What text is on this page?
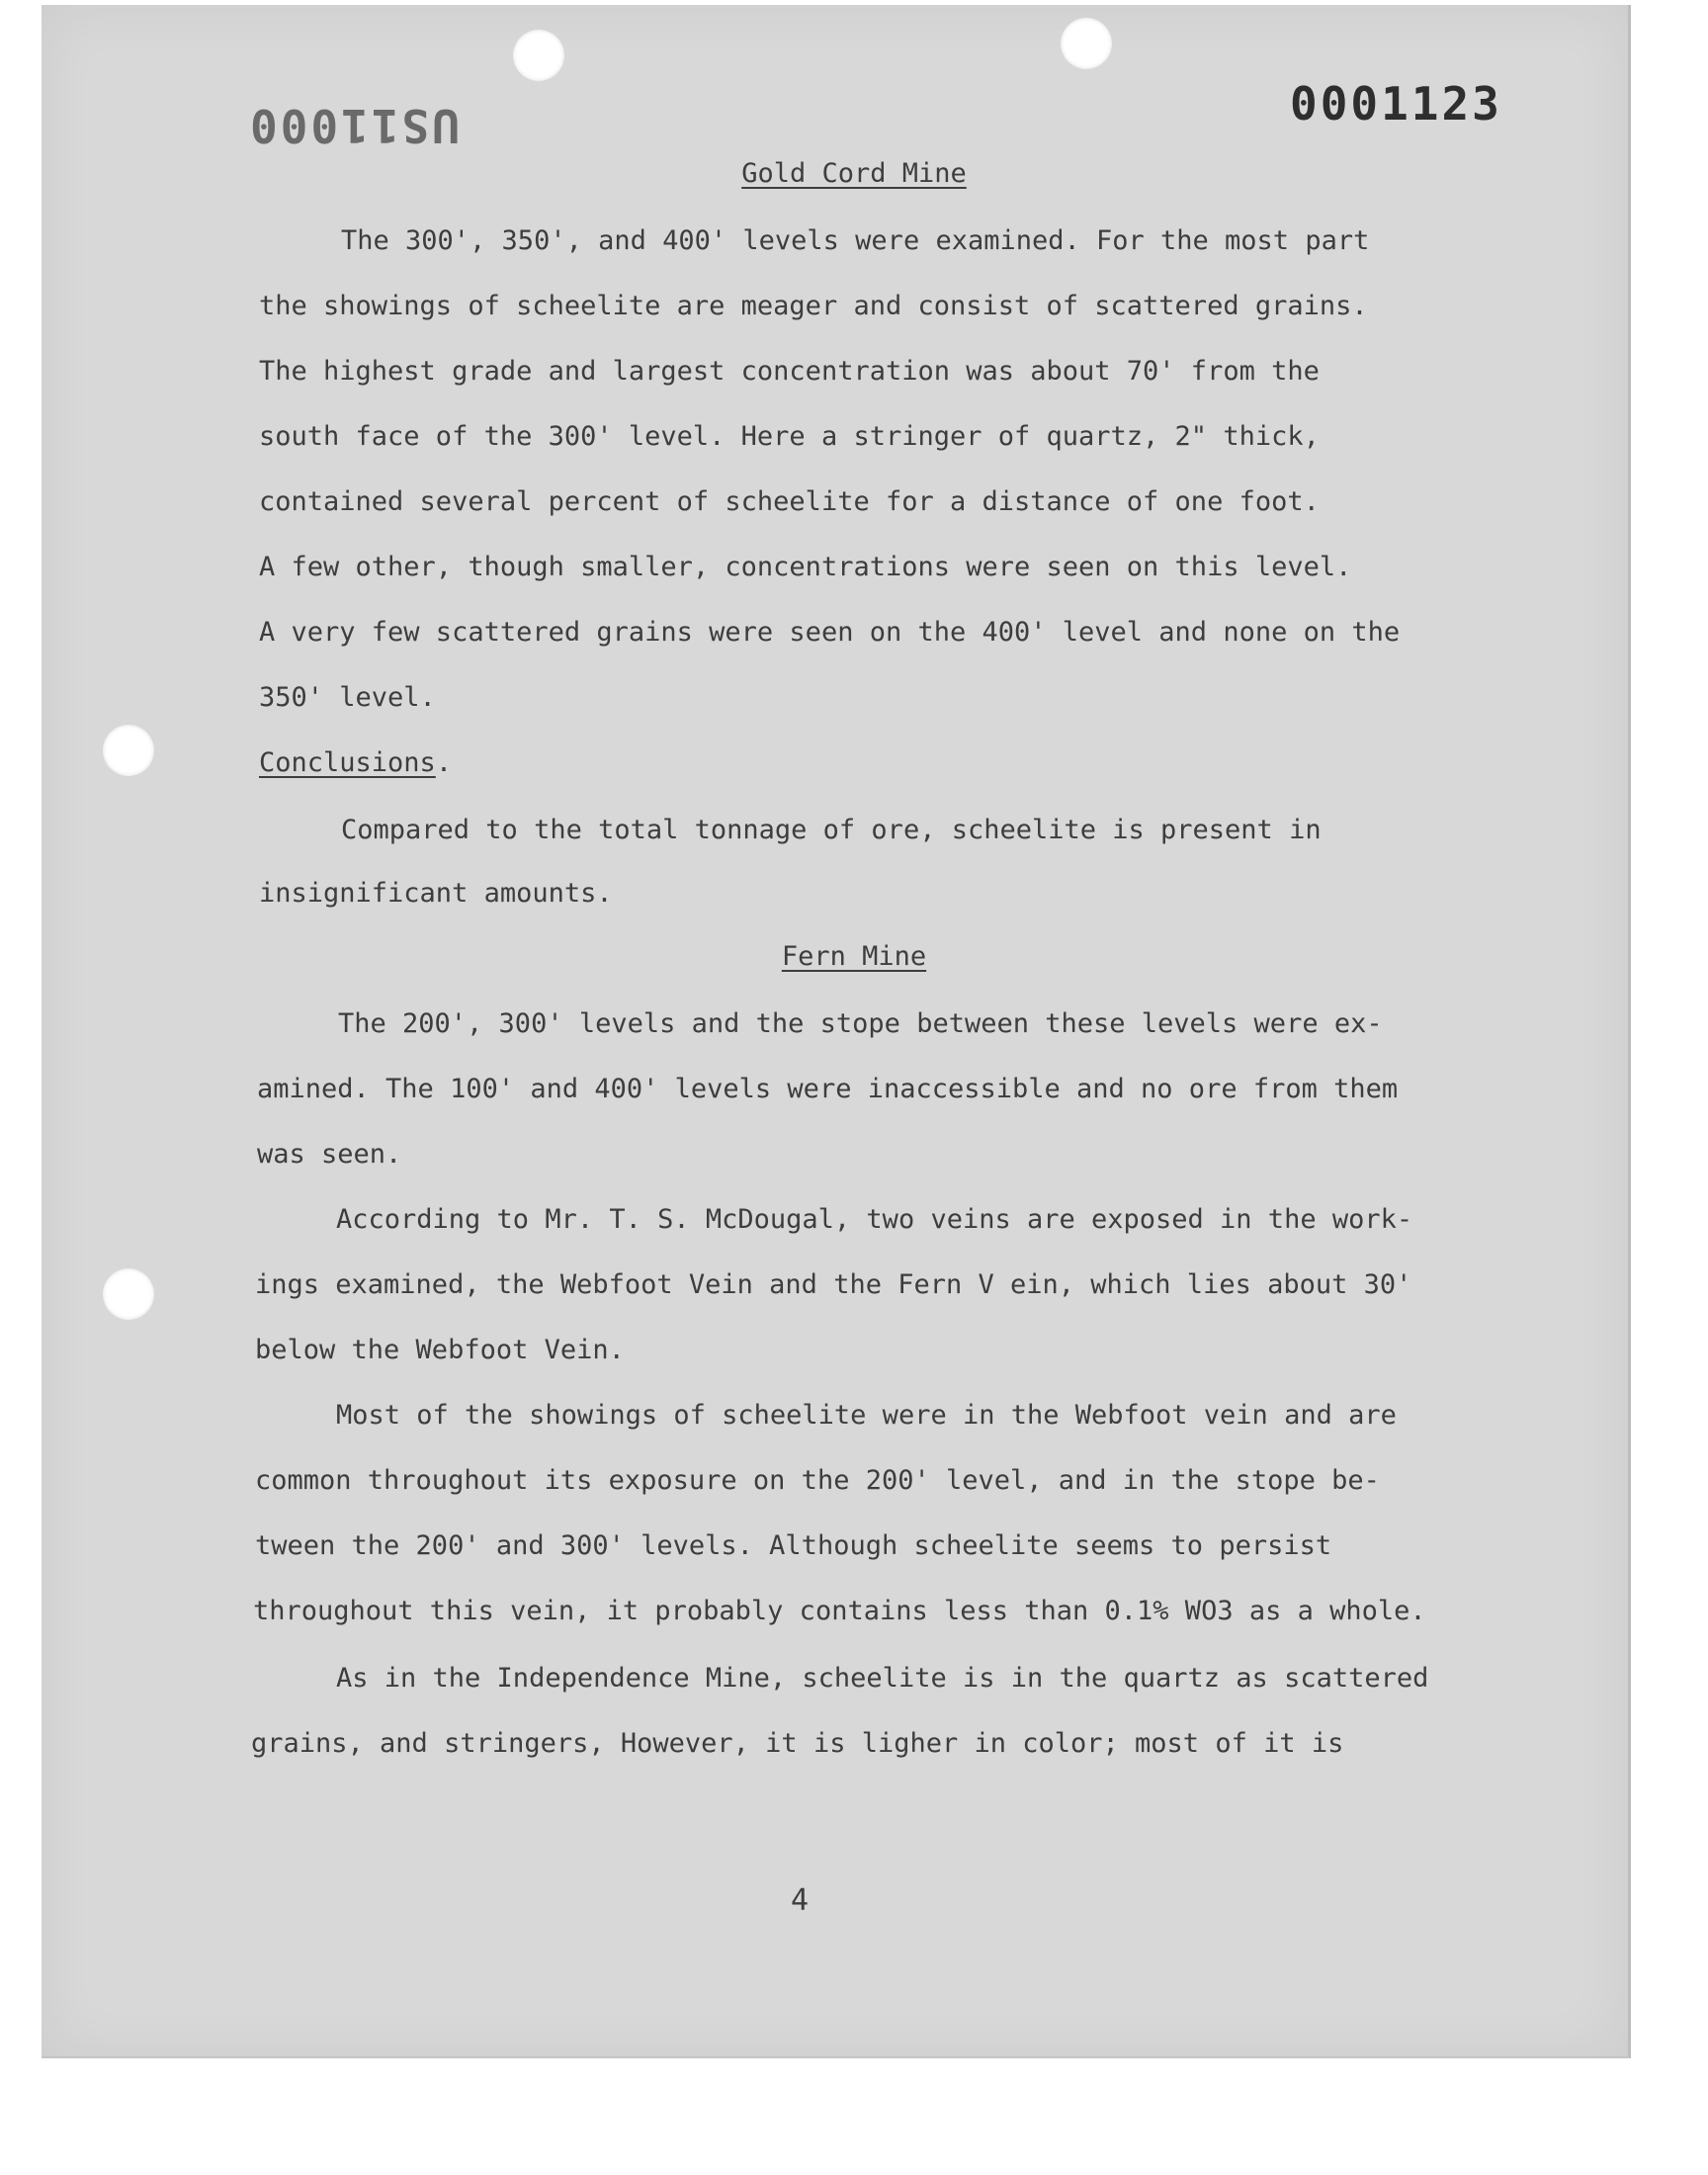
US11000	0001123
Gold Cord Mine
The 300', 350', and 400' levels were examined. For the most part
the showings of scheelite are meager and consist of scattered grains.
The highest grade and largest concentration was about 70' from the
south face of the 300' level. Here a stringer of quartz, 2" thick,
contained several percent of scheelite for a distance of one foot.
A few other, though smaller, concentrations were seen on this level.
A very few scattered grains were seen on the 400' level and none on the
350' level.
Conclusions.
Compared to the total tonnage of ore, scheelite is present in
insignificant amounts.
Fern Mine
The 200', 300' levels and the stope between these levels were ex-
amined. The 100' and 400' levels were inaccessible and no ore from them
was seen.
According to Mr. T. S. McDougal, two veins are exposed in the work-
ings examined, the Webfoot Vein and the Fern V ein, which lies about 30'
below the Webfoot Vein.
Most of the showings of scheelite were in the Webfoot vein and are
common throughout its exposure on the 200' level, and in the stope be-
tween the 200' and 300' levels. Although scheelite seems to persist
throughout this vein, it probably contains less than 0.1% WO3 as a whole.
As in the Independence Mine, scheelite is in the quartz as scattered
grains, and stringers, However, it is ligher in color; most of it is
4
